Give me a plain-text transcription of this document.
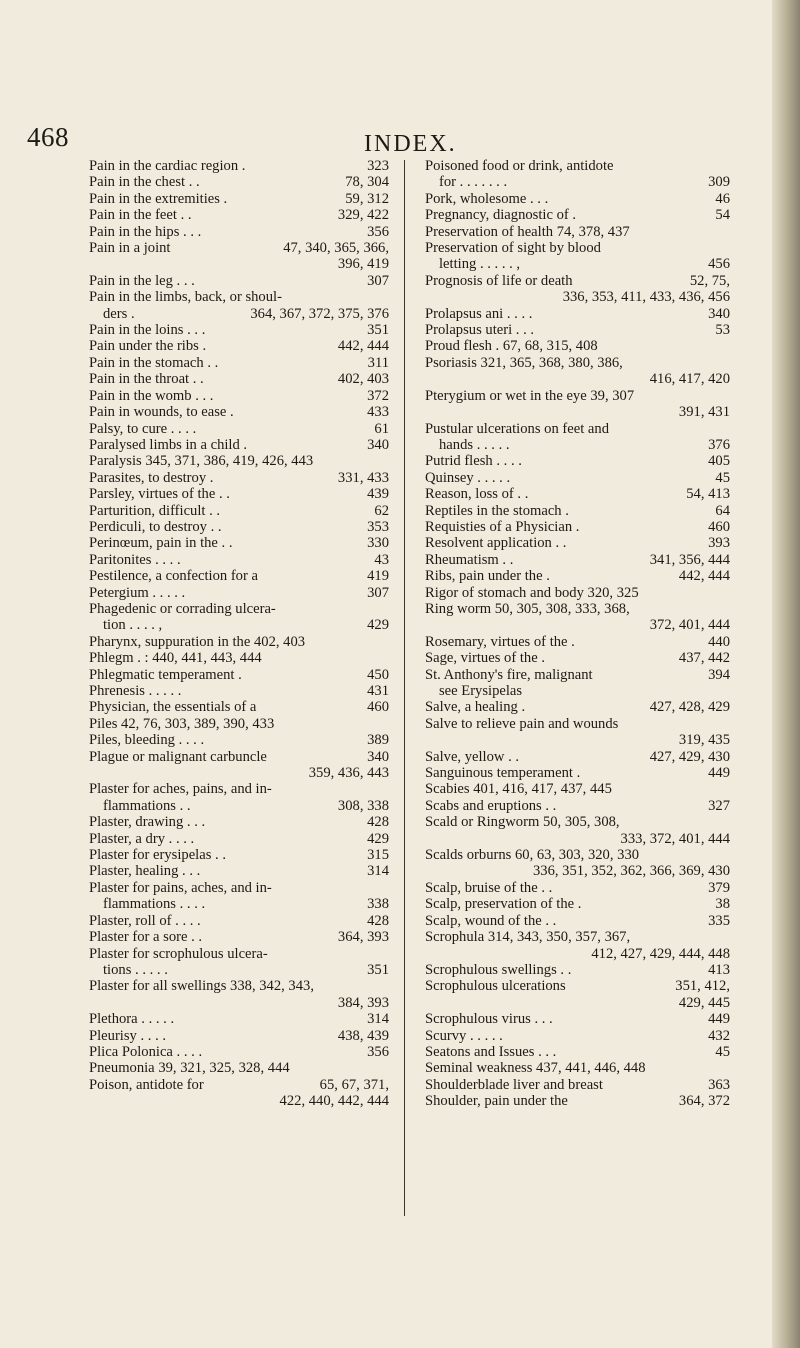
468	INDEX.
Pain in the cardiac region .	323
Pain in the chest . .	78, 304
Pain in the extremities .	59, 312
Pain in the feet . .	329, 422
Pain in the hips . . .	356
Pain in a joint	47, 340, 365, 366,
396, 419
Pain in the leg . . .	307
Pain in the limbs, back, or shoul-
ders .	364, 367, 372, 375, 376
Pain in the loins . . .	351
Pain under the ribs .	442, 444
Pain in the stomach . .	311
Pain in the throat . .	402, 403
Pain in the womb . . .	372
Pain in wounds, to ease .	433
Palsy, to cure . . . .	61
Paralysed limbs in a child .	340
Paralysis 345, 371, 386, 419, 426, 443
Parasites, to destroy .	331, 433
Parsley, virtues of the . .	439
Parturition, difficult . .	62
Perdiculi, to destroy . .	353
Perinœum, pain in the . .	330
Paritonites . . . .	43
Pestilence, a confection for a	419
Petergium . . . . .	307
Phagedenic or corrading ulcera-
tion . . . . ,	429
Pharynx, suppuration in the 402, 403
Phlegm . : 440, 441, 443, 444
Phlegmatic temperament .	450
Phrenesis . . . . .	431
Physician, the essentials of a	460
Piles 42, 76, 303, 389, 390, 433
Piles, bleeding . . . .	389
Plague or malignant carbuncle	340
359, 436, 443
Plaster for aches, pains, and in-
flammations . .	308, 338
Plaster, drawing . . .	428
Plaster, a dry . . . .	429
Plaster for erysipelas . .	315
Plaster, healing . . .	314
Plaster for pains, aches, and in-
flammations . . . .	338
Plaster, roll of . . . .	428
Plaster for a sore . .	364, 393
Plaster for scrophulous ulcera-
tions . . . . .	351
Plaster for all swellings 338, 342, 343,
384, 393
Plethora . . . . .	314
Pleurisy . . . .	438, 439
Plica Polonica . . . .	356
Pneumonia 39, 321, 325, 328, 444
Poison, antidote for	65, 67, 371,
422, 440, 442, 444
Poisoned food or drink, antidote
for . . . . . . .	309
Pork, wholesome . . .	46
Pregnancy, diagnostic of .	54
Preservation of health 74, 378, 437
Preservation of sight by blood
letting . . . . . ,	456
Prognosis of life or death	52, 75,
336, 353, 411, 433, 436, 456
Prolapsus ani . . . .	340
Prolapsus uteri . . .	53
Proud flesh . 67, 68, 315, 408
Psoriasis 321, 365, 368, 380, 386,
416, 417, 420
Pterygium or wet in the eye 39, 307
391, 431
Pustular ulcerations on feet and
hands . . . . .	376
Putrid flesh . . . .	405
Quinsey . . . . .	45
Reason, loss of . .	54, 413
Reptiles in the stomach .	64
Requisties of a Physician .	460
Resolvent application . .	393
Rheumatism . .	341, 356, 444
Ribs, pain under the .	442, 444
Rigor of stomach and body 320, 325
Ring worm 50, 305, 308, 333, 368,
372, 401, 444
Rosemary, virtues of the .	440
Sage, virtues of the .	437, 442
St. Anthony's fire, malignant	394
see Erysipelas
Salve, a healing .	427, 428, 429
Salve to relieve pain and wounds
319, 435
Salve, yellow . .	427, 429, 430
Sanguinous temperament .	449
Scabies 401, 416, 417, 437, 445
Scabs and eruptions . .	327
Scald or Ringworm 50, 305, 308,
333, 372, 401, 444
Scalds orburns 60, 63, 303, 320, 330
336, 351, 352, 362, 366, 369, 430
Scalp, bruise of the . .	379
Scalp, preservation of the .	38
Scalp, wound of the . .	335
Scrophula 314, 343, 350, 357, 367,
412, 427, 429, 444, 448
Scrophulous swellings . .	413
Scrophulous ulcerations	351, 412,
429, 445
Scrophulous virus . . .	449
Scurvy . . . . .	432
Seatons and Issues . . .	45
Seminal weakness 437, 441, 446, 448
Shoulderblade liver and breast	363
Shoulder, pain under the	364, 372
